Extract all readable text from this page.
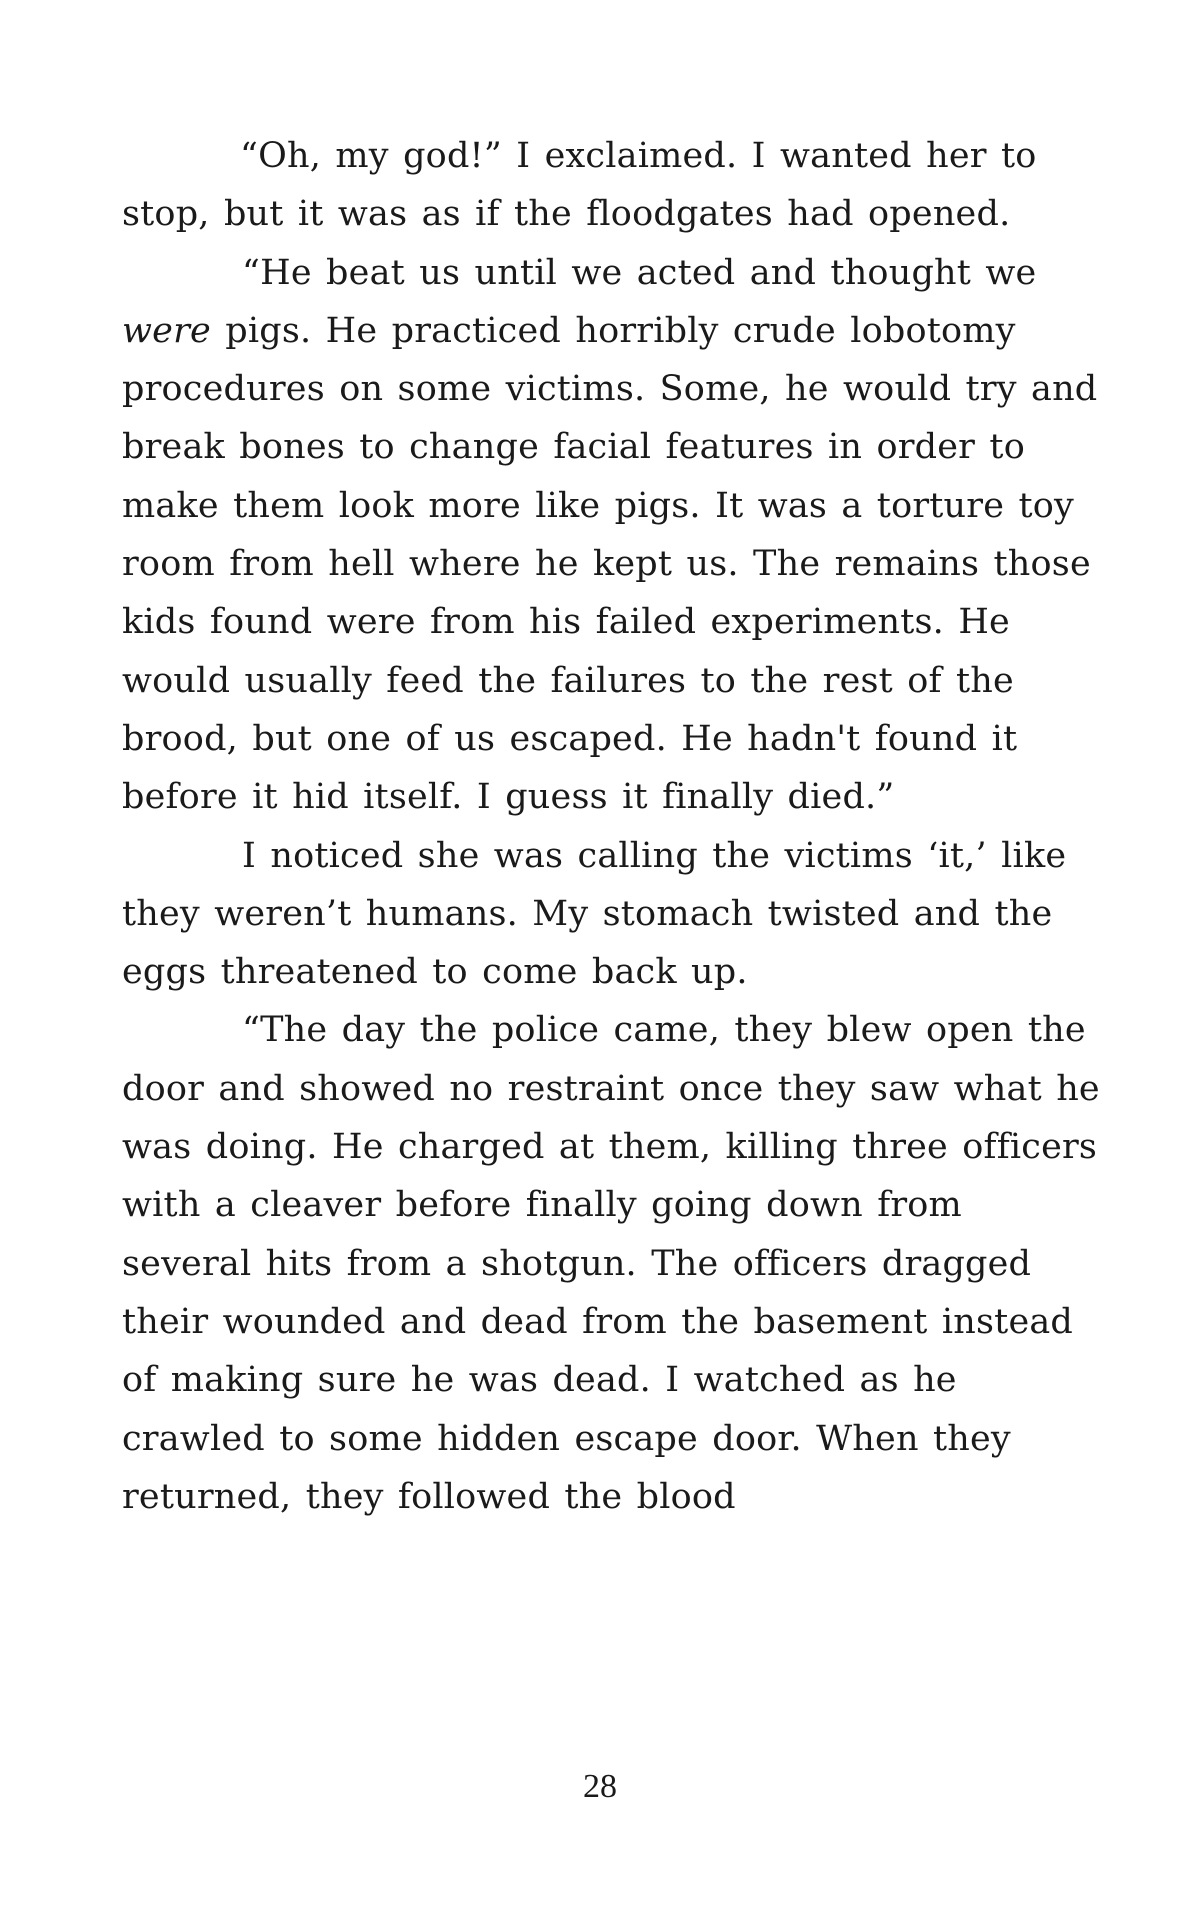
“Oh, my god!” I exclaimed. I wanted her to stop, but it was as if the floodgates had opened.

“He beat us until we acted and thought we were pigs. He practiced horribly crude lobotomy procedures on some victims. Some, he would try and break bones to change facial features in order to make them look more like pigs. It was a torture toy room from hell where he kept us. The remains those kids found were from his failed experiments. He would usually feed the failures to the rest of the brood, but one of us escaped. He hadn't found it before it hid itself. I guess it finally died.”

I noticed she was calling the victims ‘it,’ like they weren’t humans. My stomach twisted and the eggs threatened to come back up.

“The day the police came, they blew open the door and showed no restraint once they saw what he was doing. He charged at them, killing three officers with a cleaver before finally going down from several hits from a shotgun. The officers dragged their wounded and dead from the basement instead of making sure he was dead. I watched as he crawled to some hidden escape door. When they returned, they followed the blood

28
